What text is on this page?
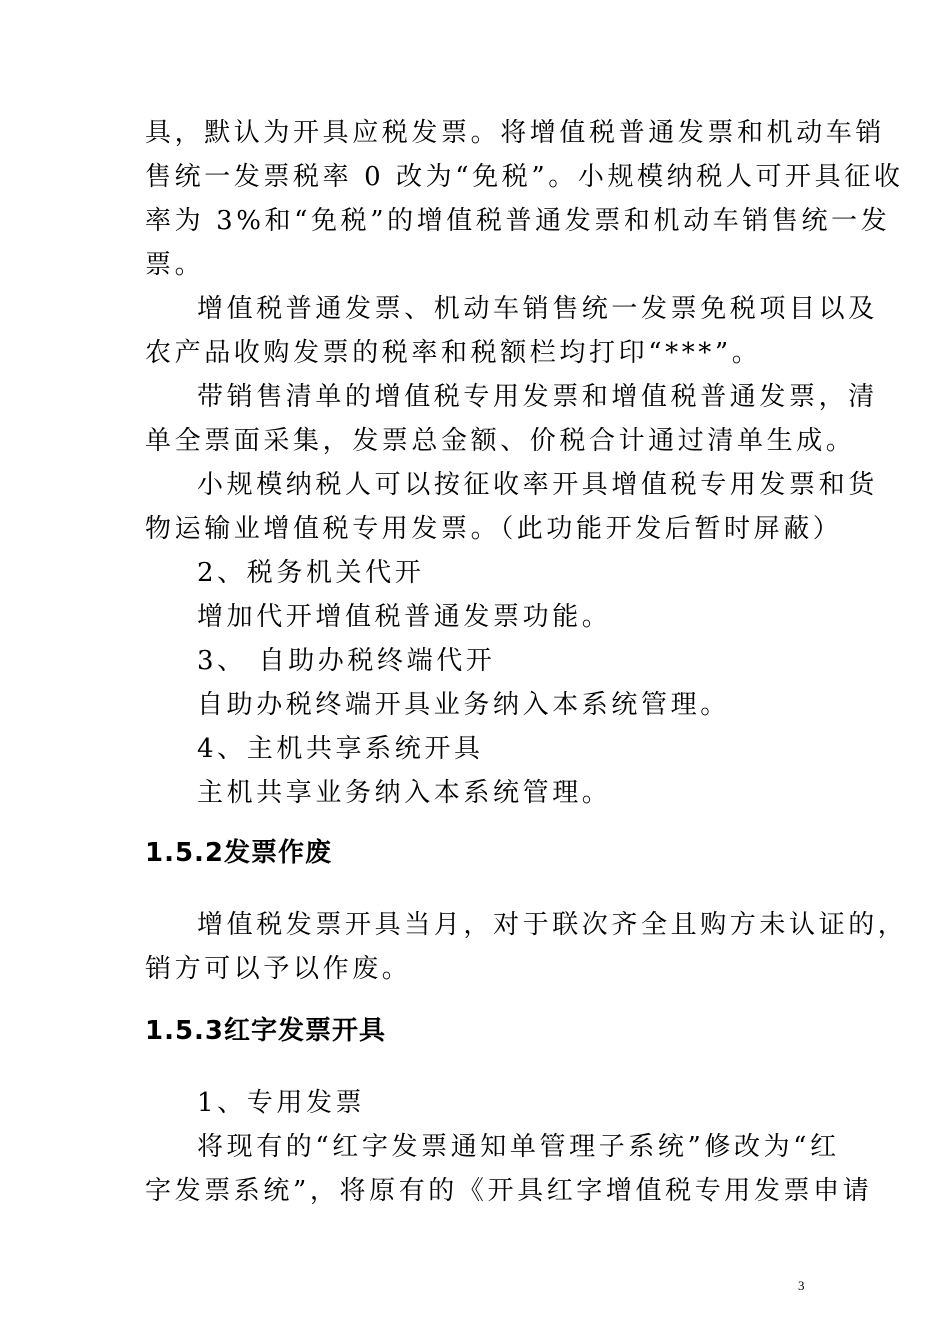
具，默认为开具应税发票。将增值税普通发票和机动车销
售统一发票税率 0 改为“免税”。小规模纳税人可开具征收
率为 3%和“免税”的增值税普通发票和机动车销售统一发
票。
增值税普通发票、机动车销售统一发票免税项目以及
农产品收购发票的税率和税额栏均打印“***”。
带销售清单的增值税专用发票和增值税普通发票，清
单全票面采集，发票总金额、价税合计通过清单生成。
小规模纳税人可以按征收率开具增值税专用发票和货
物运输业增值税专用发票。（此功能开发后暂时屏蔽）
2、税务机关代开
增加代开增值税普通发票功能。
3、 自助办税终端代开
自助办税终端开具业务纳入本系统管理。
4、主机共享系统开具
主机共享业务纳入本系统管理。
1.5.2发票作废
增值税发票开具当月，对于联次齐全且购方未认证的，
销方可以予以作废。
1.5.3红字发票开具
1、专用发票
将现有的“红字发票通知单管理子系统”修改为“红
字发票系统”，将原有的《开具红字增值税专用发票申请
3
